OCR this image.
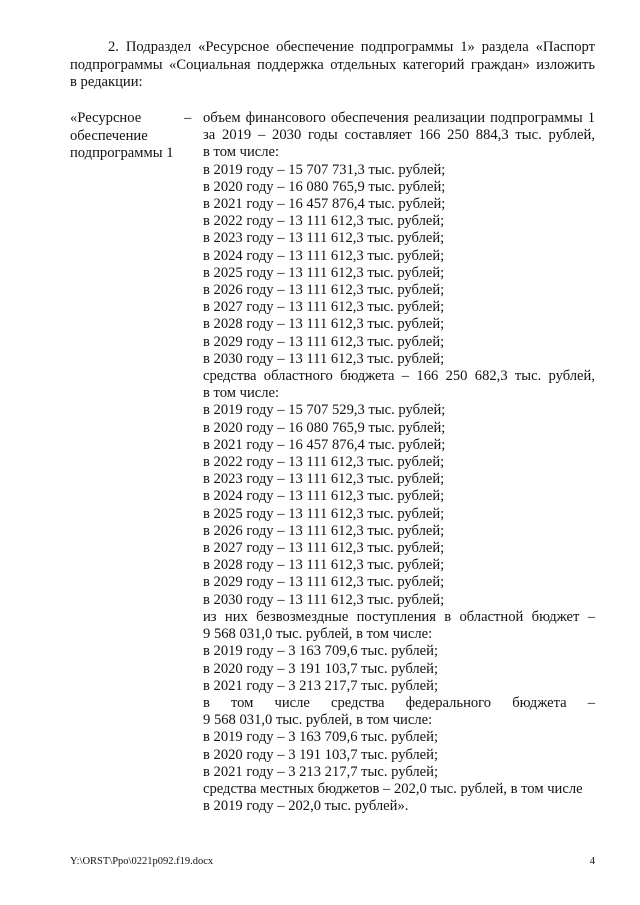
2. Подраздел «Ресурсное обеспечение подпрограммы 1» раздела «Паспорт

подпрограммы «Социальная поддержка отдельных категорий граждан» изложить

в редакции:

«Ресурсное
обеспечение
подпрограммы 1
– объем финансового обеспечения реализации подпрограммы 1
за 2019 – 2030 годы составляет 166 250 884,3 тыс. рублей,
в том числе:
в 2019 году – 15 707 731,3 тыс. рублей;
в 2020 году – 16 080 765,9 тыс. рублей;
в 2021 году – 16 457 876,4 тыс. рублей;
в 2022 году – 13 111 612,3 тыс. рублей;
в 2023 году – 13 111 612,3 тыс. рублей;
в 2024 году – 13 111 612,3 тыс. рублей;
в 2025 году – 13 111 612,3 тыс. рублей;
в 2026 году – 13 111 612,3 тыс. рублей;
в 2027 году – 13 111 612,3 тыс. рублей;
в 2028 году – 13 111 612,3 тыс. рублей;
в 2029 году – 13 111 612,3 тыс. рублей;
в 2030 году – 13 111 612,3 тыс. рублей;
средства областного бюджета – 166 250 682,3 тыс. рублей,
в том числе:
в 2019 году – 15 707 529,3 тыс. рублей;
в 2020 году – 16 080 765,9 тыс. рублей;
в 2021 году – 16 457 876,4 тыс. рублей;
в 2022 году – 13 111 612,3 тыс. рублей;
в 2023 году – 13 111 612,3 тыс. рублей;
в 2024 году – 13 111 612,3 тыс. рублей;
в 2025 году – 13 111 612,3 тыс. рублей;
в 2026 году – 13 111 612,3 тыс. рублей;
в 2027 году – 13 111 612,3 тыс. рублей;
в 2028 году – 13 111 612,3 тыс. рублей;
в 2029 году – 13 111 612,3 тыс. рублей;
в 2030 году – 13 111 612,3 тыс. рублей;
из них безвозмездные поступления в областной бюджет –
9 568 031,0 тыс. рублей, в том числе:
в 2019 году – 3 163 709,6 тыс. рублей;
в 2020 году – 3 191 103,7 тыс. рублей;
в 2021 году – 3 213 217,7 тыс. рублей;
в том числе средства федерального бюджета –
9 568 031,0 тыс. рублей, в том числе:
в 2019 году – 3 163 709,6 тыс. рублей;
в 2020 году – 3 191 103,7 тыс. рублей;
в 2021 году – 3 213 217,7 тыс. рублей;
средства местных бюджетов – 202,0 тыс. рублей, в том числе
в 2019 году – 202,0 тыс. рублей».
Y:\ORST\Ppo\0221p092.f19.docx	4
